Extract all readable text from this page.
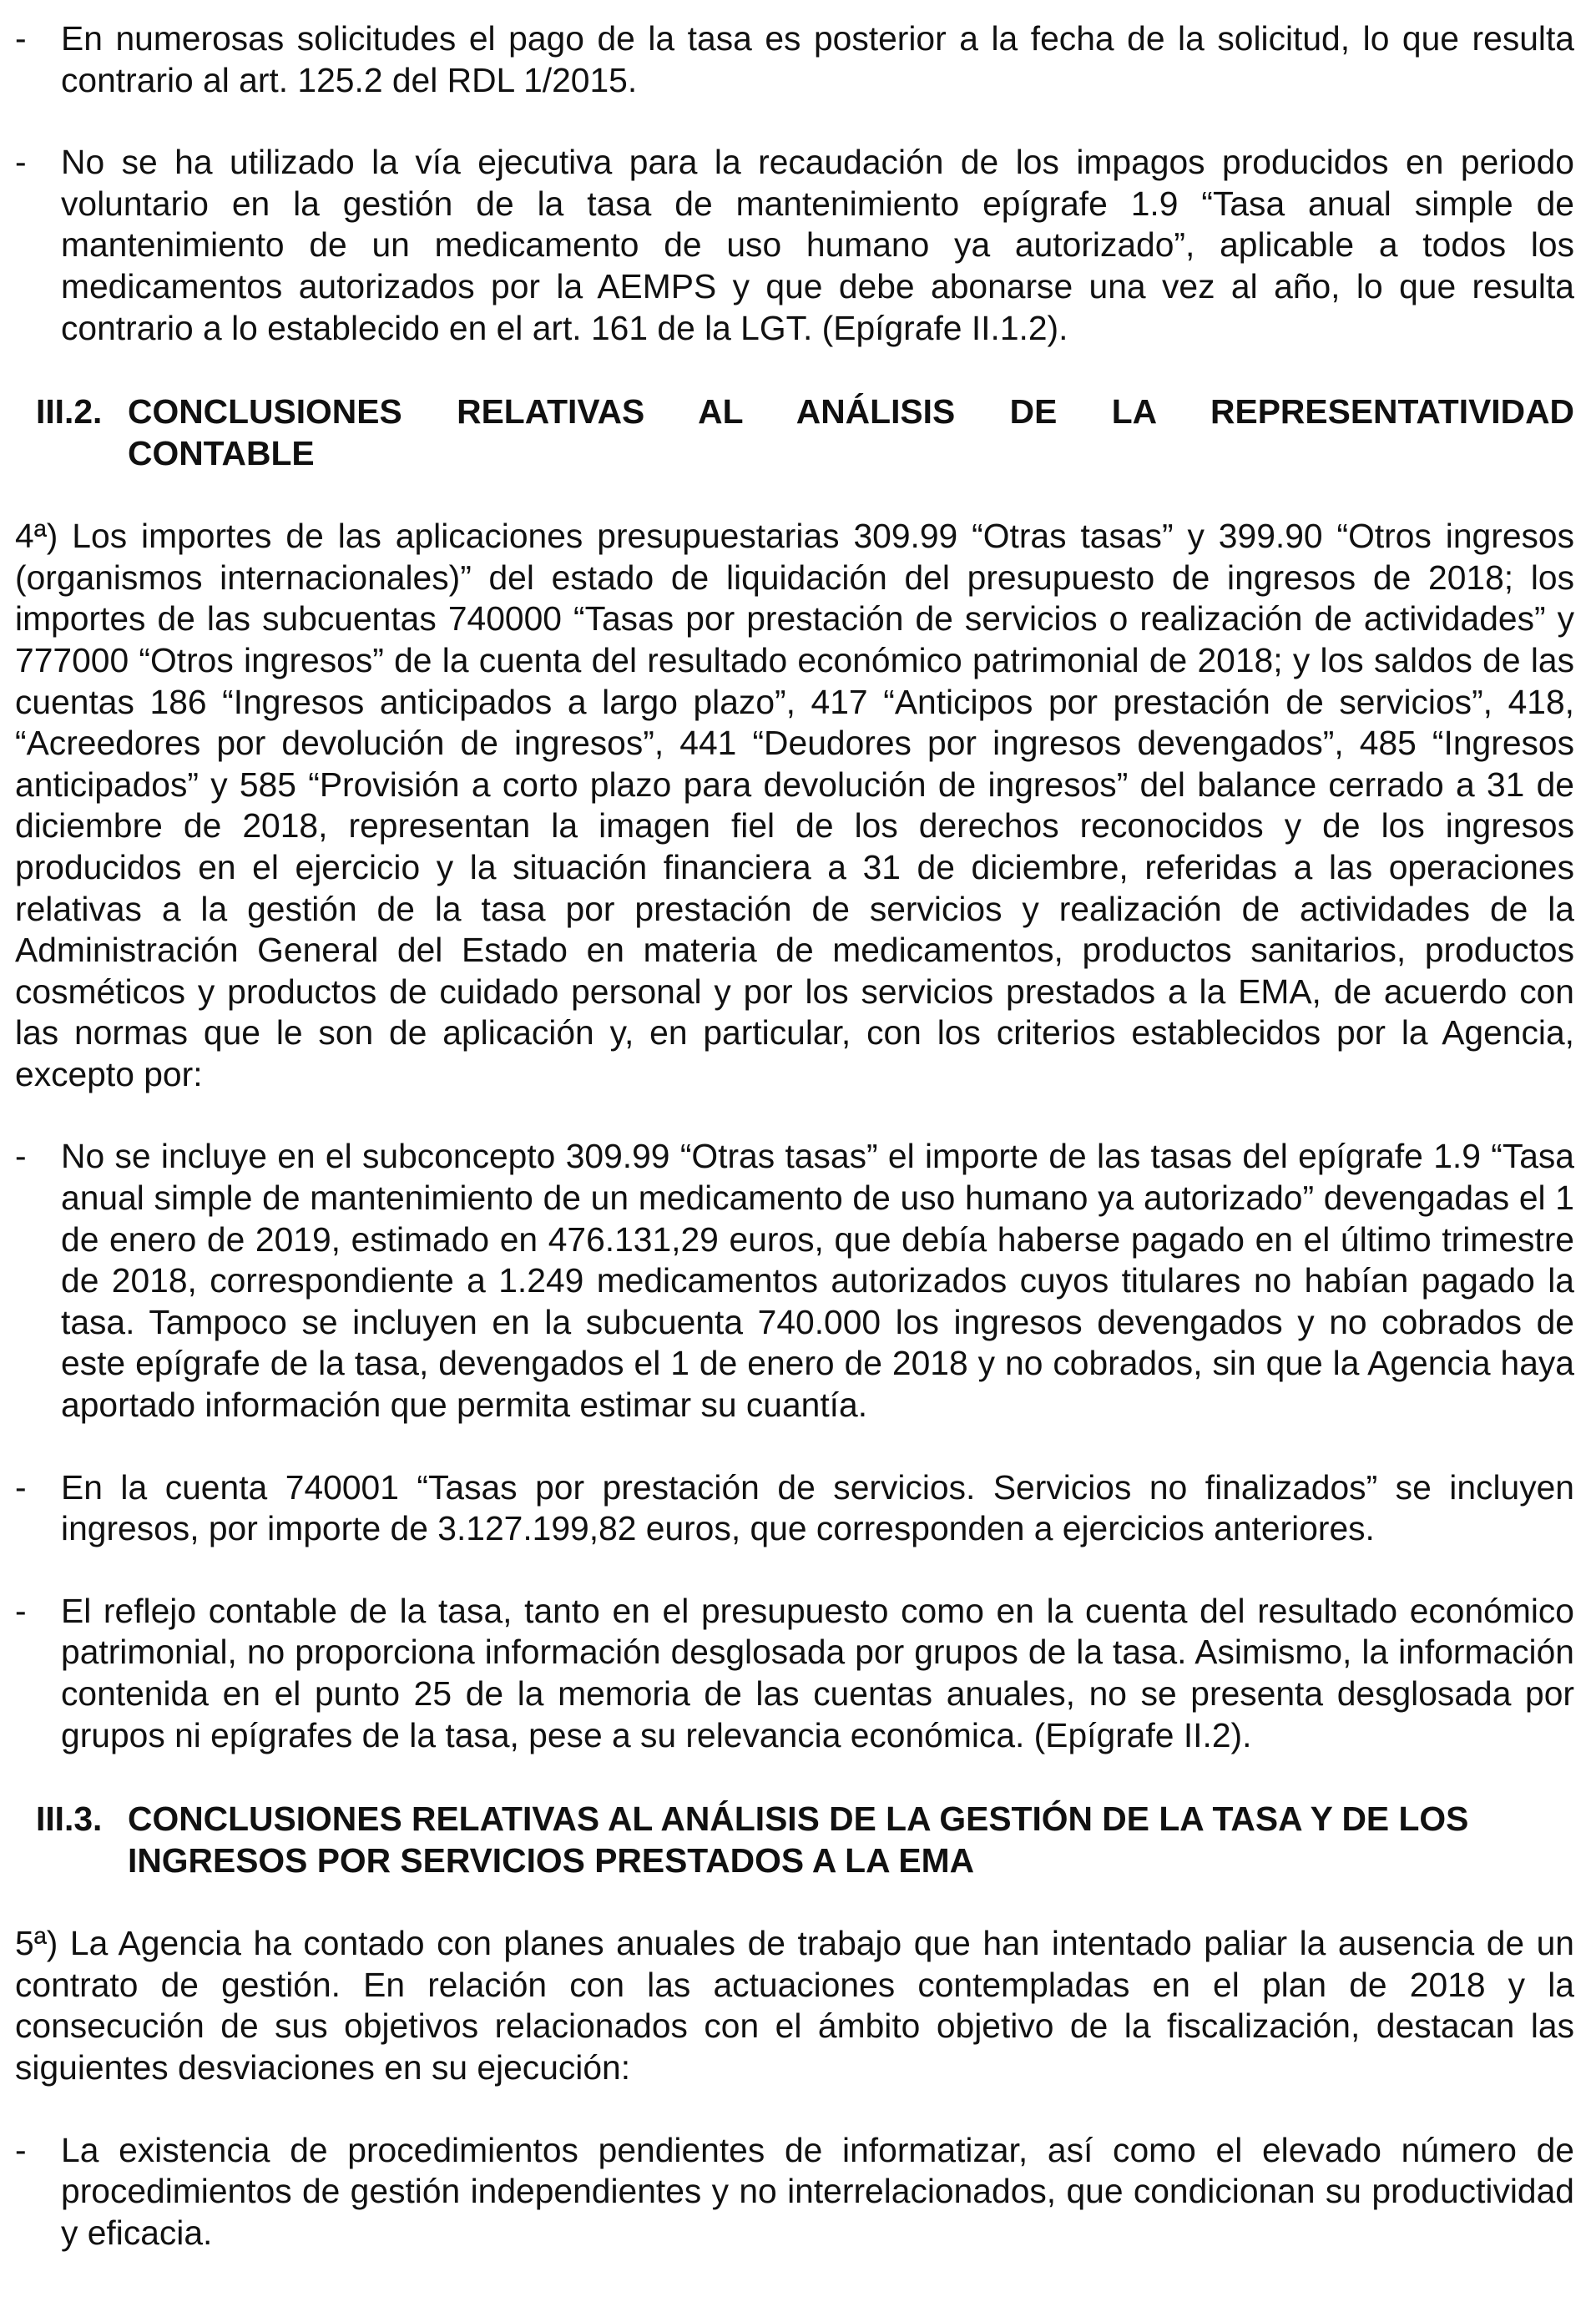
-	En numerosas solicitudes el pago de la tasa es posterior a la fecha de la solicitud, lo que resulta contrario al art. 125.2 del RDL 1/2015.
-	No se ha utilizado la vía ejecutiva para la recaudación de los impagos producidos en periodo voluntario en la gestión de la tasa de mantenimiento epígrafe 1.9 “Tasa anual simple de mantenimiento de un medicamento de uso humano ya autorizado”, aplicable a todos los medicamentos autorizados por la AEMPS y que debe abonarse una vez al año, lo que resulta contrario a lo establecido en el art. 161 de la LGT. (Epígrafe II.1.2).
III.2. CONCLUSIONES RELATIVAS AL ANÁLISIS DE LA REPRESENTATIVIDAD
CONTABLE
4ª) Los importes de las aplicaciones presupuestarias 309.99 “Otras tasas” y 399.90 “Otros ingresos (organismos internacionales)” del estado de liquidación del presupuesto de ingresos de 2018; los importes de las subcuentas 740000 “Tasas por prestación de servicios o realización de actividades” y 777000 “Otros ingresos” de la cuenta del resultado económico patrimonial de 2018; y los saldos de las cuentas 186 “Ingresos anticipados a largo plazo”, 417 “Anticipos por prestación de servicios”, 418, “Acreedores por devolución de ingresos”, 441 “Deudores por ingresos devengados”, 485 “Ingresos anticipados” y 585 “Provisión a corto plazo para devolución de ingresos” del balance cerrado a 31 de diciembre de 2018, representan la imagen fiel de los derechos reconocidos y de los ingresos producidos en el ejercicio y la situación financiera a 31 de diciembre, referidas a las operaciones relativas a la gestión de la tasa por prestación de servicios y realización de actividades de la Administración General del Estado en materia de medicamentos, productos sanitarios, productos cosméticos y productos de cuidado personal y por los servicios prestados a la EMA, de acuerdo con las normas que le son de aplicación y, en particular, con los criterios establecidos por la Agencia, excepto por:
-	No se incluye en el subconcepto 309.99 “Otras tasas” el importe de las tasas del epígrafe 1.9 “Tasa anual simple de mantenimiento de un medicamento de uso humano ya autorizado” devengadas el 1 de enero de 2019, estimado en 476.131,29 euros, que debía haberse pagado en el último trimestre de 2018, correspondiente a 1.249 medicamentos autorizados cuyos titulares no habían pagado la tasa. Tampoco se incluyen en la subcuenta 740.000 los ingresos devengados y no cobrados de este epígrafe de la tasa, devengados el 1 de enero de 2018 y no cobrados, sin que la Agencia haya aportado información que permita estimar su cuantía.
-	En la cuenta 740001 “Tasas por prestación de servicios. Servicios no finalizados” se incluyen ingresos, por importe de 3.127.199,82 euros, que corresponden a ejercicios anteriores.
-	El reflejo contable de la tasa, tanto en el presupuesto como en la cuenta del resultado económico patrimonial, no proporciona información desglosada por grupos de la tasa. Asimismo, la información contenida en el punto 25 de la memoria de las cuentas anuales, no se presenta desglosada por grupos ni epígrafes de la tasa, pese a su relevancia económica. (Epígrafe II.2).
III.3. CONCLUSIONES RELATIVAS AL ANÁLISIS DE LA GESTIÓN DE LA TASA Y DE LOS
INGRESOS POR SERVICIOS PRESTADOS A LA EMA
5ª) La Agencia ha contado con planes anuales de trabajo que han intentado paliar la ausencia de un contrato de gestión. En relación con las actuaciones contempladas en el plan de 2018 y la consecución de sus objetivos relacionados con el ámbito objetivo de la fiscalización, destacan las siguientes desviaciones en su ejecución:
-	La existencia de procedimientos pendientes de informatizar, así como el elevado número de procedimientos de gestión independientes y no interrelacionados, que condicionan su productividad y eficacia.
